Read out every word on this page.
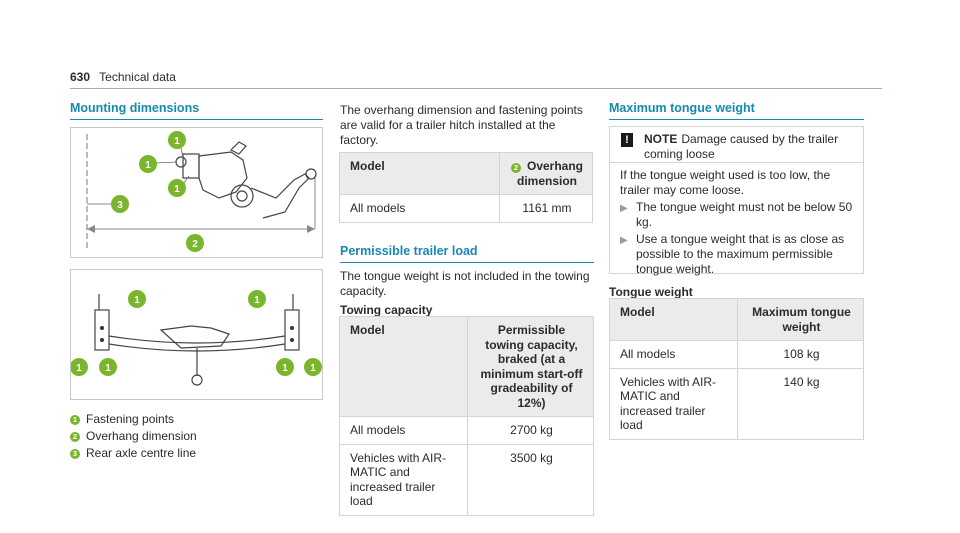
630 Technical data
Mounting dimensions
1
1
1
3
2
1	1
1 1	1 1
1 Fastening points
2 Overhang dimension
3 Rear axle centre line
The overhang dimension and fastening points are valid for a trailer hitch installed at the factory.
Model	2 Overhang dimension
All models	1161 mm
Permissible trailer load
The tongue weight is not included in the towing capacity.
Towing capacity
Model	Permissible towing capacity, braked (at a minimum start-off gradeability of 12%)
All models	2700 kg
Vehicles with AIR-MATIC and increased trailer load	3500 kg
Maximum tongue weight
!	NOTE Damage caused by the trailer coming loose
If the tongue weight used is too low, the trailer may come loose.
▶ The tongue weight must not be below 50 kg.
▶ Use a tongue weight that is as close as possible to the maximum permissible tongue weight.
Tongue weight
Model	Maximum tongue weight
All models	108 kg
Vehicles with AIR-MATIC and increased trailer load	140 kg
